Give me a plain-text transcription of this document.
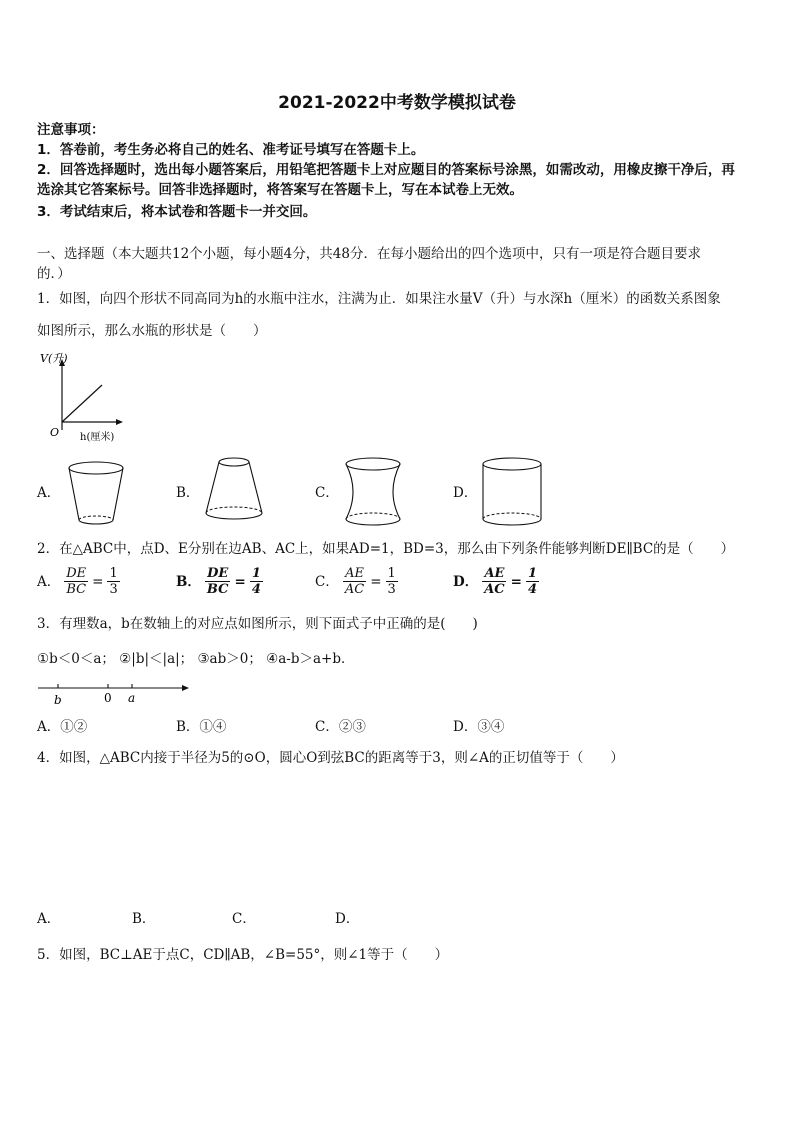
2021-2022中考数学模拟试卷
注意事项：
1．答卷前，考生务必将自己的姓名、准考证号填写在答题卡上。
2．回答选择题时，选出每小题答案后，用铅笔把答题卡上对应题目的答案标号涂黑，如需改动，用橡皮擦干净后，再
选涂其它答案标号。回答非选择题时，将答案写在答题卡上，写在本试卷上无效。
3．考试结束后，将本试卷和答题卡一并交回。
一、选择题（本大题共12个小题，每小题4分，共48分．在每小题给出的四个选项中，只有一项是符合题目要求
的．）
1．如图，向四个形状不同高同为h的水瓶中注水，注满为止．如果注水量V（升）与水深h（厘米）的函数关系图象
如图所示，那么水瓶的形状是（　　）
V(升)
O h(厘米)
A．	B．	C．	D．
2．在△ABC中，点D、E分别在边AB、AC上，如果AD=1，BD=3，那么由下列条件能够判断DE∥BC的是（　　）
A． $\frac{DE}{BC} = \frac{1}{3}$	B． $\frac{DE}{BC} = \frac{1}{4}$	C． $\frac{AE}{AC} = \frac{1}{3}$	D． $\frac{AE}{AC} = \frac{1}{4}$
3．有理数a，b在数轴上的对应点如图所示，则下面式子中正确的是(　　)
①b＜0＜a； ②|b|＜|a|； ③ab＞0； ④a-b＞a+b．
b	0 a
A．①②	B．①④	C．②③	D．③④
4．如图，△ABC内接于半径为5的⊙O，圆心O到弦BC的距离等于3，则∠A的正切值等于（　　）
A．	B．	C．	D．
5．如图，BC⊥AE于点C，CD∥AB，∠B=55°，则∠1等于（　　）
